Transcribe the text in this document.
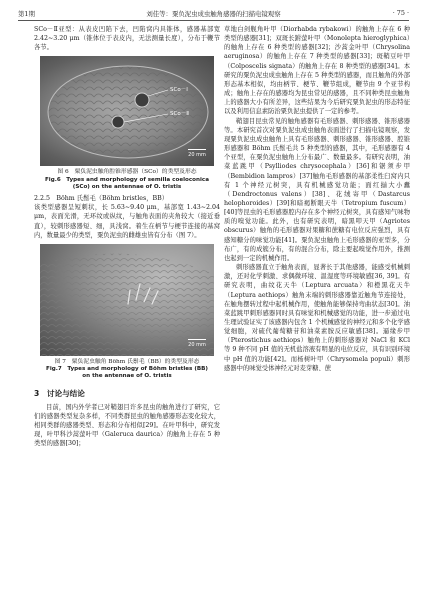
第1期	刘佳等：粟负泥虫成虫触角感器的扫描电镜观察	· 75 ·

SCo－Ⅱ亚型：从表皮凹陷下去，凹陷窝内具锥体，感器基部宽 2.42~3.20 μm（锥体位于表皮内，无法测量长度），分布于鞭节各节。

SCo－Ⅰ
SCo－Ⅱ
20 mm
图 6　粟负泥虫触角腔锥形感器（SCo）的类型及形态
Fig.6　Types and morphology of semilla coeloconica
(SCo) on the antennae of O. tristis

2.2.5　Böhm 氏鬃毛（Böhm bristles，BB）

该类型感器呈短刺状，长 5.63~9.40 μm，基部宽 1.43~2.04 μm，表面光滑，无环纹或纵纹，与触角表面的夹角较大（接近垂直），较刺形感器短、细，具浅窝。着生在柄节与梗节连接的基窝内，数量最少的类型，粟负泥虫的雌雄虫皆有分布（图 7）。

20 mm
图 7　粟负泥虫触角 Böhm 氏鬃毛（BB）的类型及形态
Fig.7　Types and morphology of Böhm bristles (BB)
on the antennae of O. tristis
3　讨论与结论

目前，国内外学者已对鞘翅目许多昆虫的触角进行了研究，它们的感器类型复杂多样，不同类群昆虫的触角感器形态变化较大，相同类群的感器类型、形态和分布相似[29]。在叶甲科中，研究发现，叶甲科沙蒿萤叶甲（Galeruca daurica）的触角上存在 5 种类型的感器[30]；

草地白剑舰角叶甲（Diorhabda rybakowi）的触角上存在 6 种类型的感器[31]；双斑长跗萤叶甲（Monolepta hieroglyphica）的触角上存在 6 种类型的感器[32]；沙蒿金叶甲（Chrysolina aeruginosa）的触角上存在 7 种类型的感器[33]；斑鞘豆叶甲（Colposcelis signata）的触角上存在 8 种类型的感器[34]。本研究的粟负泥虫成虫触角上存在 5 种类型的感器，而且触角的外部形态基本相似，均由柄节、梗节、鞭节组成，鞭节由 9 个亚节构成；触角上存在的感器均为昆虫常见的感器，且不同种类昆虫触角上的感器大小有所差异，这些结果为今后研究粟负泥虫的形态特征以及利用信息素防治粟负泥虫提供了一定的参考。

鞘翅目昆虫常见的触角感器有毛形感器、刺形感器、锥形感器等。本研究首次对粟负泥虫成虫触角表面进行了扫描电镜观察，发现粟负泥虫成虫触角上具有毛形感器、刺形感器、锥形感器、腔锥形感器和 Böhm 氏鬃毛共 5 种类型的感器，其中，毛形感器有 4 个亚型，在粟负泥虫触角上分布最广、数量最多。有研究表明，油菜蓝跳甲（Psylliodes chrysocephala）[36]和锯须步甲（Bembidion lampros）[37]触角毛形感器的基部柔性臼窝内只有 1 个神经元树突，具有机械感觉功能；面红揃大小蠹（Dendroctonus valens）[38]、花绒寄甲（Dastarcus helophoroides）[39]和暗褐断眼天牛（Tetropium fuscum）[40]等昆虫的毛形感器腔内存在多个神经元树突，具有感知气味物质的嗅觉功能。此外，也有研究表明，暗黑叩天甲（Agriotes obscurus）触角的毛形感器对果糖和蔗糖有电位反应强烈，具有感知糖分的味觉功能[41]。粟负泥虫触角上毛形感器的亚型多，分布广，有的成簇分布，有的混合分布，除主要起嗅觉作用外，推测也起到一定的机械作用。

刺形感器直立于触角表面，显著长于其他感器，能感受机械刺激，还对化学刺激、求偶微环境、温湿度等环境敏感[36, 39]。有研究表明，曲纹花天牛（Leptura arcuata）和橙黑花天牛（Leptura aethiops）触角末端的刺形感器靠近触角节连接处，在触角摆转过程中起机械作用，使触角能够保持弯曲状态[30]。油菜蓝跳甲刺形感器同时具有味觉和机械感觉的功能，进一步通过电生理试验证实了该感器内包含 1 个机械感觉的神经元和多个化学感觉细胞，对硫代葡萄糖苷和油菜素胺反应敏感[38]。逼缘步甲（Pterostichus aethiops）触角上的刺形感器对 NaCl 和 KCl 等 9 种不同 pH 值的无机盐溶液有明显的电位反应，具有识别环境中 pH 值的功能[42]。而杨树叶甲（Chrysomela populi）刺形感器中的味觉受体神经元对麦芽糖、蔗
